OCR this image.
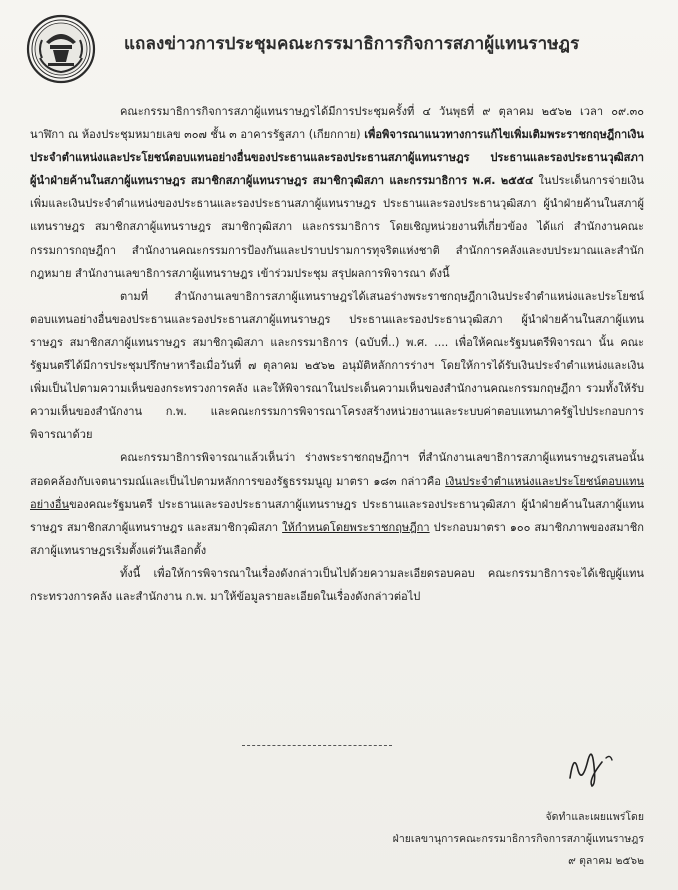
แถลงข่าวการประชุมคณะกรรมาธิการกิจการสภาผู้แทนราษฎร

คณะกรรมาธิการกิจการสภาผู้แทนราษฎรได้มีการประชุมครั้งที่ ๔ วันพุธที่ ๙ ตุลาคม ๒๕๖๒ เวลา ๐๙.๓๐ นาฬิกา ณ ห้องประชุมหมายเลข ๓๐๗ ชั้น ๓ อาคารรัฐสภา (เกียกกาย) เพื่อพิจารณาแนวทางการแก้ไขเพิ่มเติมพระราชกฤษฎีกาเงินประจำตำแหน่งและประโยชน์ตอบแทนอย่างอื่นของประธานและรองประธานสภาผู้แทนราษฎร ประธานและรองประธานวุฒิสภา ผู้นำฝ่ายค้านในสภาผู้แทนราษฎร สมาชิกสภาผู้แทนราษฎร สมาชิกวุฒิสภา และกรรมาธิการ พ.ศ. ๒๕๕๔ ในประเด็นการจ่ายเงินเพิ่มและเงินประจำตำแหน่งของประธานและรองประธานสภาผู้แทนราษฎร ประธานและรองประธานวุฒิสภา ผู้นำฝ่ายค้านในสภาผู้แทนราษฎร สมาชิกสภาผู้แทนราษฎร สมาชิกวุฒิสภา และกรรมาธิการ โดยเชิญหน่วยงานที่เกี่ยวข้อง ได้แก่ สำนักงานคณะกรรมการกฤษฎีกา สำนักงานคณะกรรมการป้องกันและปราบปรามการทุจริตแห่งชาติ สำนักการคลังและงบประมาณและสำนักกฎหมาย สำนักงานเลขาธิการสภาผู้แทนราษฎร เข้าร่วมประชุม สรุปผลการพิจารณา ดังนี้

ตามที่ สำนักงานเลขาธิการสภาผู้แทนราษฎรได้เสนอร่างพระราชกฤษฎีกาเงินประจำตำแหน่งและประโยชน์ตอบแทนอย่างอื่นของประธานและรองประธานสภาผู้แทนราษฎร ประธานและรองประธานวุฒิสภา ผู้นำฝ่ายค้านในสภาผู้แทนราษฎร สมาชิกสภาผู้แทนราษฎร สมาชิกวุฒิสภา และกรรมาธิการ (ฉบับที่..) พ.ศ. .... เพื่อให้คณะรัฐมนตรีพิจารณา นั้น คณะรัฐมนตรีได้มีการประชุมปรึกษาหารือเมื่อวันที่ ๗ ตุลาคม ๒๕๖๒ อนุมัติหลักการร่างฯ โดยให้การได้รับเงินประจำตำแหน่งและเงินเพิ่มเป็นไปตามความเห็นของกระทรวงการคลัง และให้พิจารณาในประเด็นความเห็นของสำนักงานคณะกรรมกฤษฎีกา รวมทั้งให้รับความเห็นของสำนักงาน ก.พ. และคณะกรรมการพิจารณาโครงสร้างหน่วยงานและระบบค่าตอบแทนภาครัฐไปประกอบการพิจารณาด้วย

คณะกรรมาธิการพิจารณาแล้วเห็นว่า ร่างพระราชกฤษฎีกาฯ ที่สำนักงานเลขาธิการสภาผู้แทนราษฎรเสนอนั้น สอดคล้องกับเจตนารมณ์และเป็นไปตามหลักการของรัฐธรรมนูญ มาตรา ๑๘๓ กล่าวคือ เงินประจำตำแหน่งและประโยชน์ตอบแทนอย่างอื่นของคณะรัฐมนตรี ประธานและรองประธานสภาผู้แทนราษฎร ประธานและรองประธานวุฒิสภา ผู้นำฝ่ายค้านในสภาผู้แทนราษฎร สมาชิกสภาผู้แทนราษฎร และสมาชิกวุฒิสภา ให้กำหนดโดยพระราชกฤษฎีกา ประกอบมาตรา ๑๐๐ สมาชิกภาพของสมาชิกสภาผู้แทนราษฎรเริ่มตั้งแต่วันเลือกตั้ง

ทั้งนี้ เพื่อให้การพิจารณาในเรื่องดังกล่าวเป็นไปด้วยความละเอียดรอบคอบ คณะกรรมาธิการจะได้เชิญผู้แทนกระทรวงการคลัง และสำนักงาน ก.พ. มาให้ข้อมูลรายละเอียดในเรื่องดังกล่าวต่อไป

จัดทำและเผยแพร่โดย
ฝ่ายเลขานุการคณะกรรมาธิการกิจการสภาผู้แทนราษฎร
๙ ตุลาคม ๒๕๖๒
